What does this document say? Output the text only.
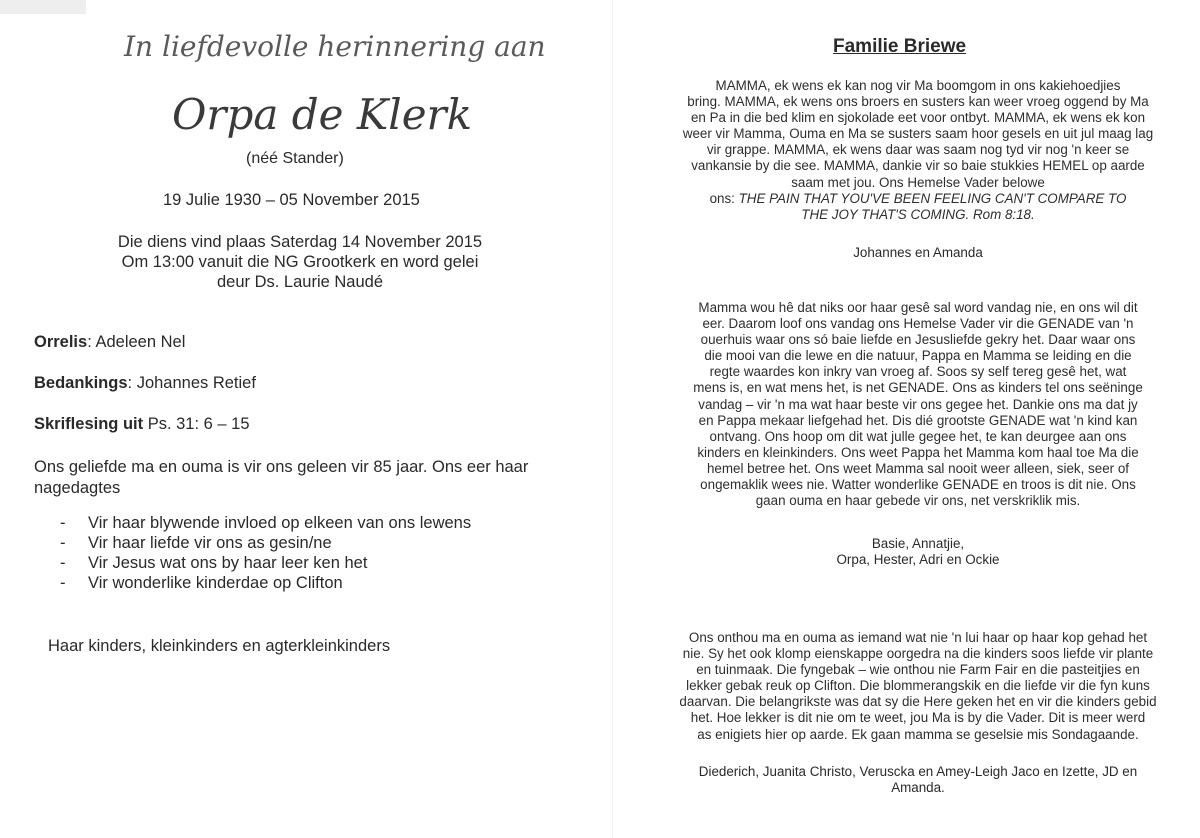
In liefdevolle herinnering aan
Orpa de Klerk
(néé Stander)
19 Julie 1930 – 05 November 2015
Die diens vind plaas Saterdag 14 November 2015
Om 13:00 vanuit die NG Grootkerk en word gelei
deur Ds. Laurie Naudé
Orrelis: Adeleen Nel
Bedankings: Johannes Retief
Skriflesing uit Ps. 31: 6 – 15
Ons geliefde ma en ouma is vir ons geleen vir 85 jaar. Ons eer haar nagedagtes
- Vir haar blywende invloed op elkeen van ons lewens
- Vir haar liefde vir ons as gesin/ne
- Vir Jesus wat ons by haar leer ken het
- Vir wonderlike kinderdae op Clifton
Haar kinders, kleinkinders en agterkleinkinders
Familie Briewe
MAMMA, ek wens ek kan nog vir Ma boomgom in ons kakiehoedjies
bring. MAMMA, ek wens ons broers en susters kan weer vroeg oggend by Ma
en Pa in die bed klim en sjokolade eet voor ontbyt. MAMMA, ek wens ek kon
weer vir Mamma, Ouma en Ma se susters saam hoor gesels en uit jul maag lag
vir grappe. MAMMA, ek wens daar was saam nog tyd vir nog 'n keer se
vankansie by die see. MAMMA, dankie vir so baie stukkies HEMEL op aarde
saam met jou. Ons Hemelse Vader belowe
ons: THE PAIN THAT YOU'VE BEEN FEELING CAN'T COMPARE TO
THE JOY THAT'S COMING. Rom 8:18.
Johannes en Amanda
Mamma wou hê dat niks oor haar gesê sal word vandag nie, en ons wil dit
eer. Daarom loof ons vandag ons Hemelse Vader vir die GENADE van 'n
ouerhuis waar ons só baie liefde en Jesusliefde gekry het. Daar waar ons
die mooi van die lewe en die natuur, Pappa en Mamma se leiding en die
regte waardes kon inkry van vroeg af. Soos sy self tereg gesê het, wat
mens is, en wat mens het, is net GENADE. Ons as kinders tel ons seëninge
vandag – vir 'n ma wat haar beste vir ons gegee het. Dankie ons ma dat jy
en Pappa mekaar liefgehad het. Dis dié grootste GENADE wat 'n kind kan
ontvang. Ons hoop om dit wat julle gegee het, te kan deurgee aan ons
kinders en kleinkinders. Ons weet Pappa het Mamma kom haal toe Ma die
hemel betree het. Ons weet Mamma sal nooit weer alleen, siek, seer of
ongemaklik wees nie. Watter wonderlike GENADE en troos is dit nie. Ons
gaan ouma en haar gebede vir ons, net verskriklik mis.
Basie, Annatjie,
Orpa, Hester, Adri en Ockie
Ons onthou ma en ouma as iemand wat nie 'n lui haar op haar kop gehad het
nie. Sy het ook klomp eienskappe oorgedra na die kinders soos liefde vir plante
en tuinmaak. Die fyngebak – wie onthou nie Farm Fair en die pasteitjies en
lekker gebak reuk op Clifton. Die blommerangskik en die liefde vir die fyn kuns
daarvan. Die belangrikste was dat sy die Here geken het en vir die kinders gebid
het. Hoe lekker is dit nie om te weet, jou Ma is by die Vader. Dit is meer werd
as enigiets hier op aarde. Ek gaan mamma se geselsie mis Sondagaande.
Diederich, Juanita Christo, Veruscka en Amey-Leigh Jaco en Izette, JD en
Amanda.
